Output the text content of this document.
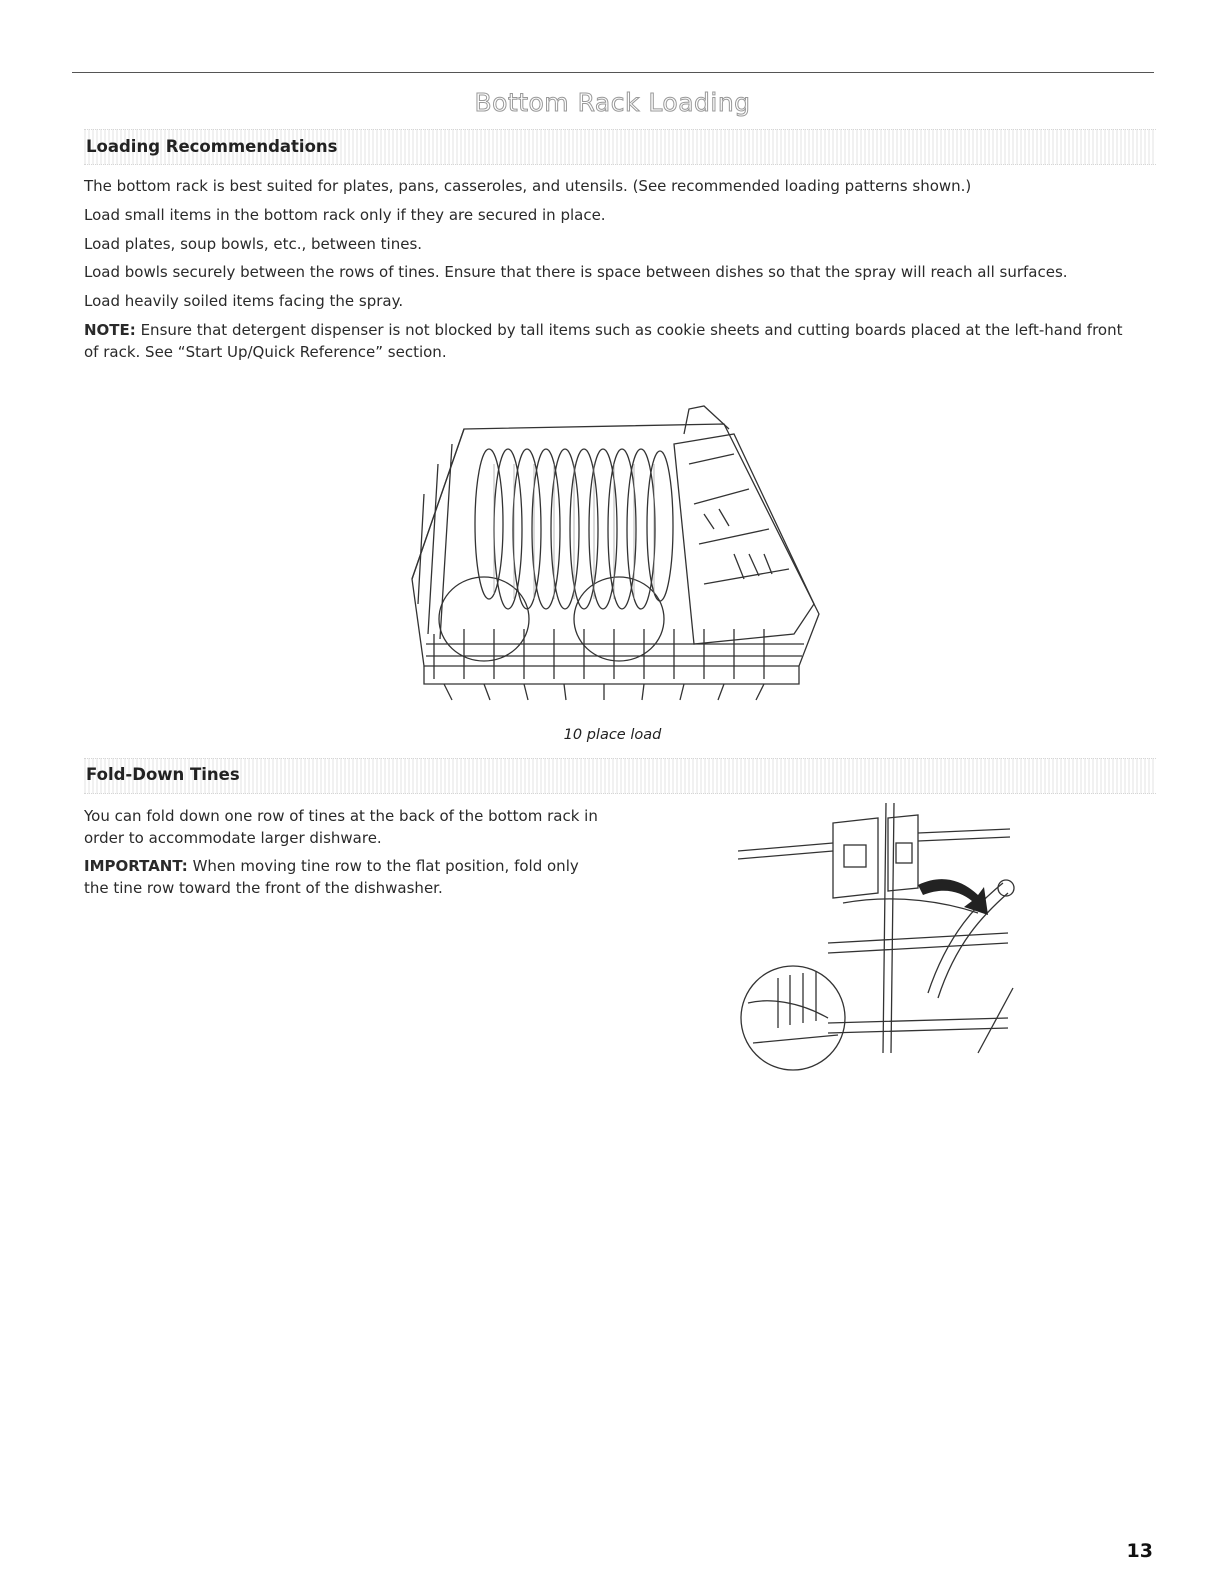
Bottom Rack Loading
Loading Recommendations

The bottom rack is best suited for plates, pans, casseroles, and utensils. (See recommended loading patterns shown.)

Load small items in the bottom rack only if they are secured in place.

Load plates, soup bowls, etc., between tines.

Load bowls securely between the rows of tines. Ensure that there is space between dishes so that the spray will reach all surfaces.

Load heavily soiled items facing the spray.

NOTE: Ensure that detergent dispenser is not blocked by tall items such as cookie sheets and cutting boards placed at the left-hand front of rack. See “Start Up/Quick Reference” section.

10 place load
Fold-Down Tines

You can fold down one row of tines at the back of the bottom rack in order to accommodate larger dishware.

IMPORTANT: When moving tine row to the flat position, fold only the tine row toward the front of the dishwasher.

13
